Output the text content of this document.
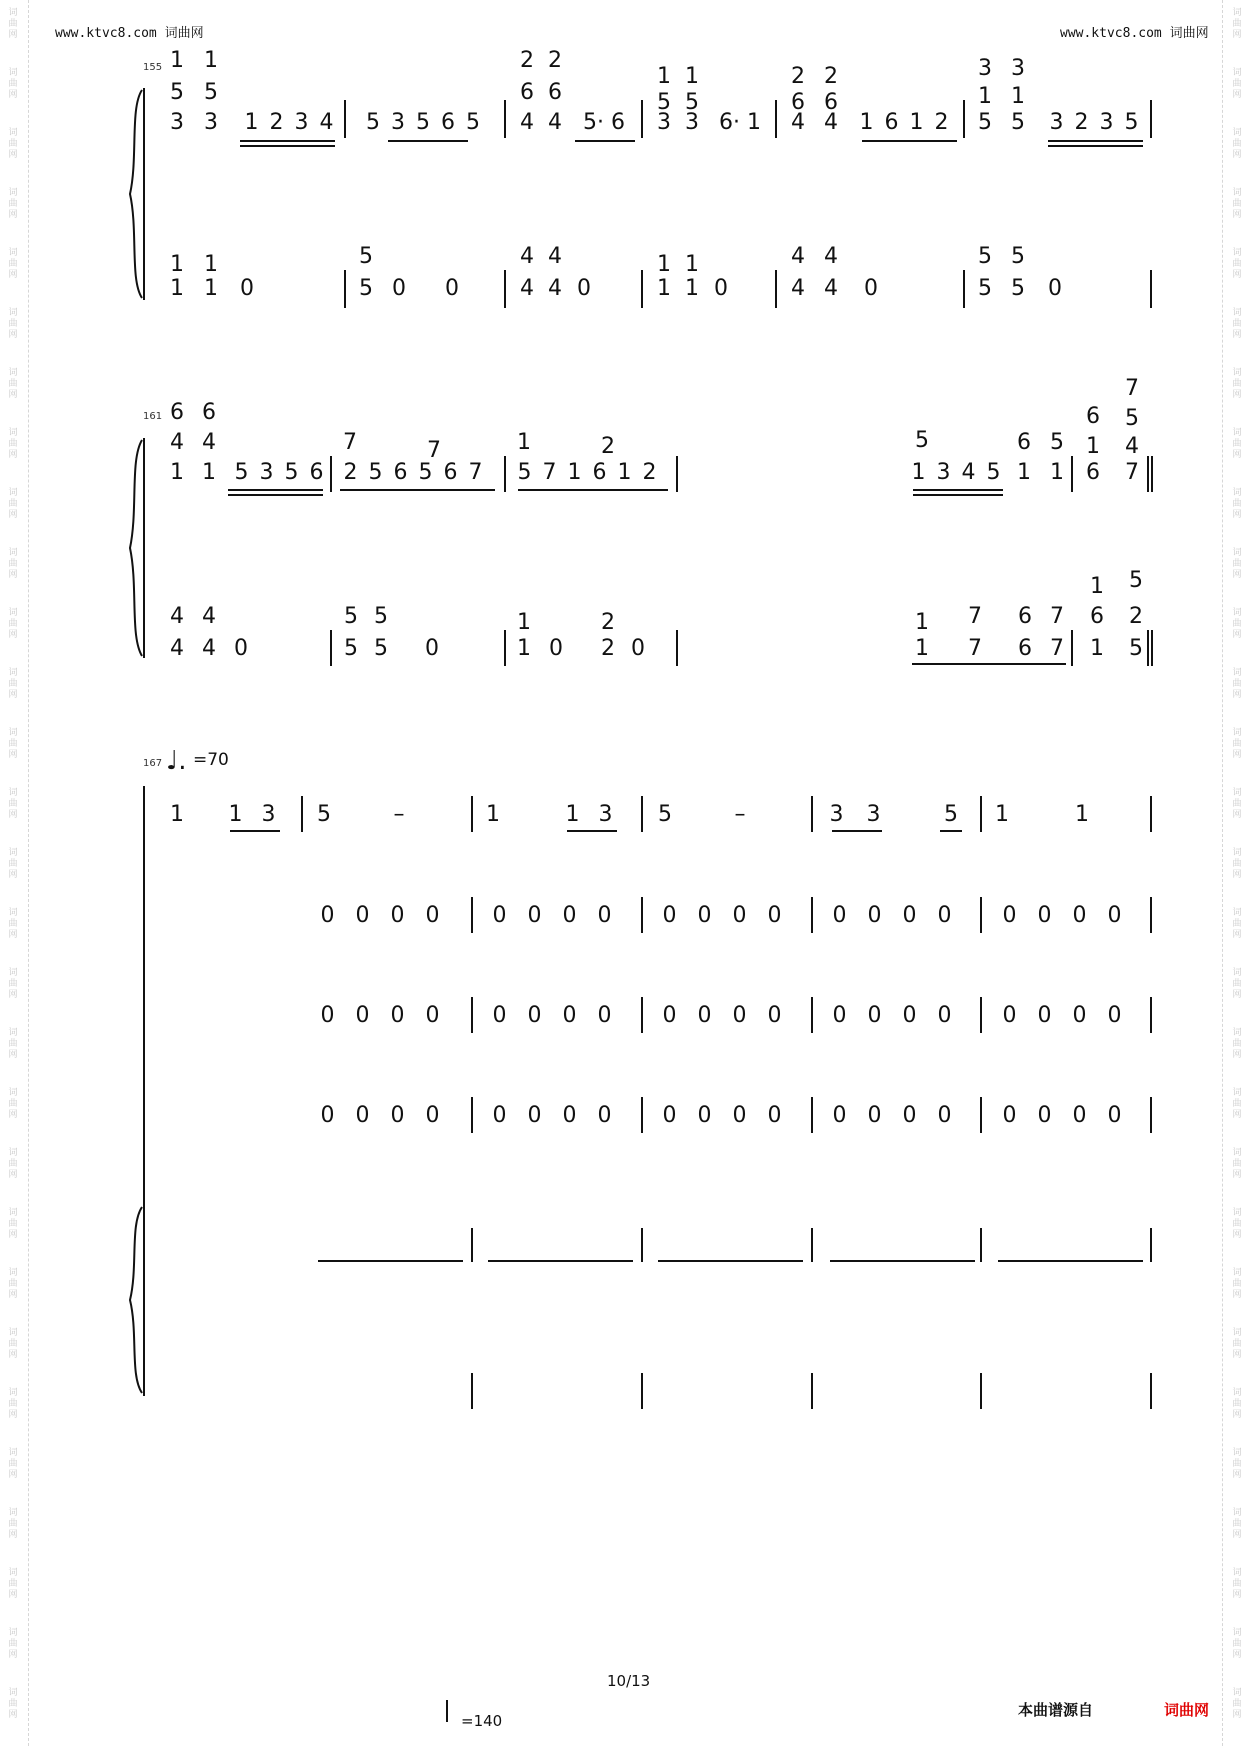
www.ktvc8.com 词曲网	www.ktvc8.com 词曲网
155 1
5
3
1
5
3 1 2 3 4 5 3 5 6 5
2
6
4
2
6
4 5· 6
1
5
3
1
5
3 6· 1
2
6
4
2
6
4 1 6 1 2
3
1
5
3
1
5 3 2 3 5
1
1
1
1 0
5
5 0 0
4
4
4
4 0
1
1
1
1 0
4
4
4
4 0
5
5
5
5 0
161 6
4
1
6
4
1 5 3 5 6
7
2 5 6 5 6 7
7	1	2
5 7 1 6 1 2
5
1 3 4 5
6
1
5
1
6
1
6
7
5
4
7
4
4
4
4 0
5
5
5
5 0
1
1 0
2
2 0
1
1
7
7
6
6
7
7
1
6
1
5
2
5
167 ♩. =70
1 1 3 5	–	1	1 3 5	–	3 3	5 1	1
0 0 0 0 0 0 0 0 0 0 0 0 0 0 0 0 0 0 0 0
0 0 0 0 0 0 0 0 0 0 0 0 0 0 0 0 0 0 0 0
0 0 0 0 0 0 0 0 0 0 0 0 0 0 0 0 0 0 0 0
10/13
=140
本曲谱源自	词曲网
词 曲 网
词 曲 网
词 曲 网
词 曲 网
词 曲 网
词 曲 网
词 曲 网
词 曲 网
词 曲 网
词 曲 网
词 曲 网
词 曲 网
词 曲 网
词 曲 网
词 曲 网
词 曲 网
词 曲 网
词 曲 网
词 曲 网
词 曲 网
词 曲 网
词 曲 网
词 曲 网
词 曲 网
词 曲 网
词 曲 网
词 曲 网
词 曲 网
词 曲 网
词 曲 网
词 曲 网
词 曲 网
词 曲 网
词 曲 网
词 曲 网
词 曲 网
词 曲 网
词 曲 网
词 曲 网
词 曲 网
词 曲 网
词 曲 网
词 曲 网
词 曲 网
词 曲 网
词 曲 网
词 曲 网
词 曲 网
词 曲 网
词 曲 网
词 曲 网
词 曲 网
词 曲 网
词 曲 网
词 曲 网
词 曲 网
词 曲 网
词 曲 网
